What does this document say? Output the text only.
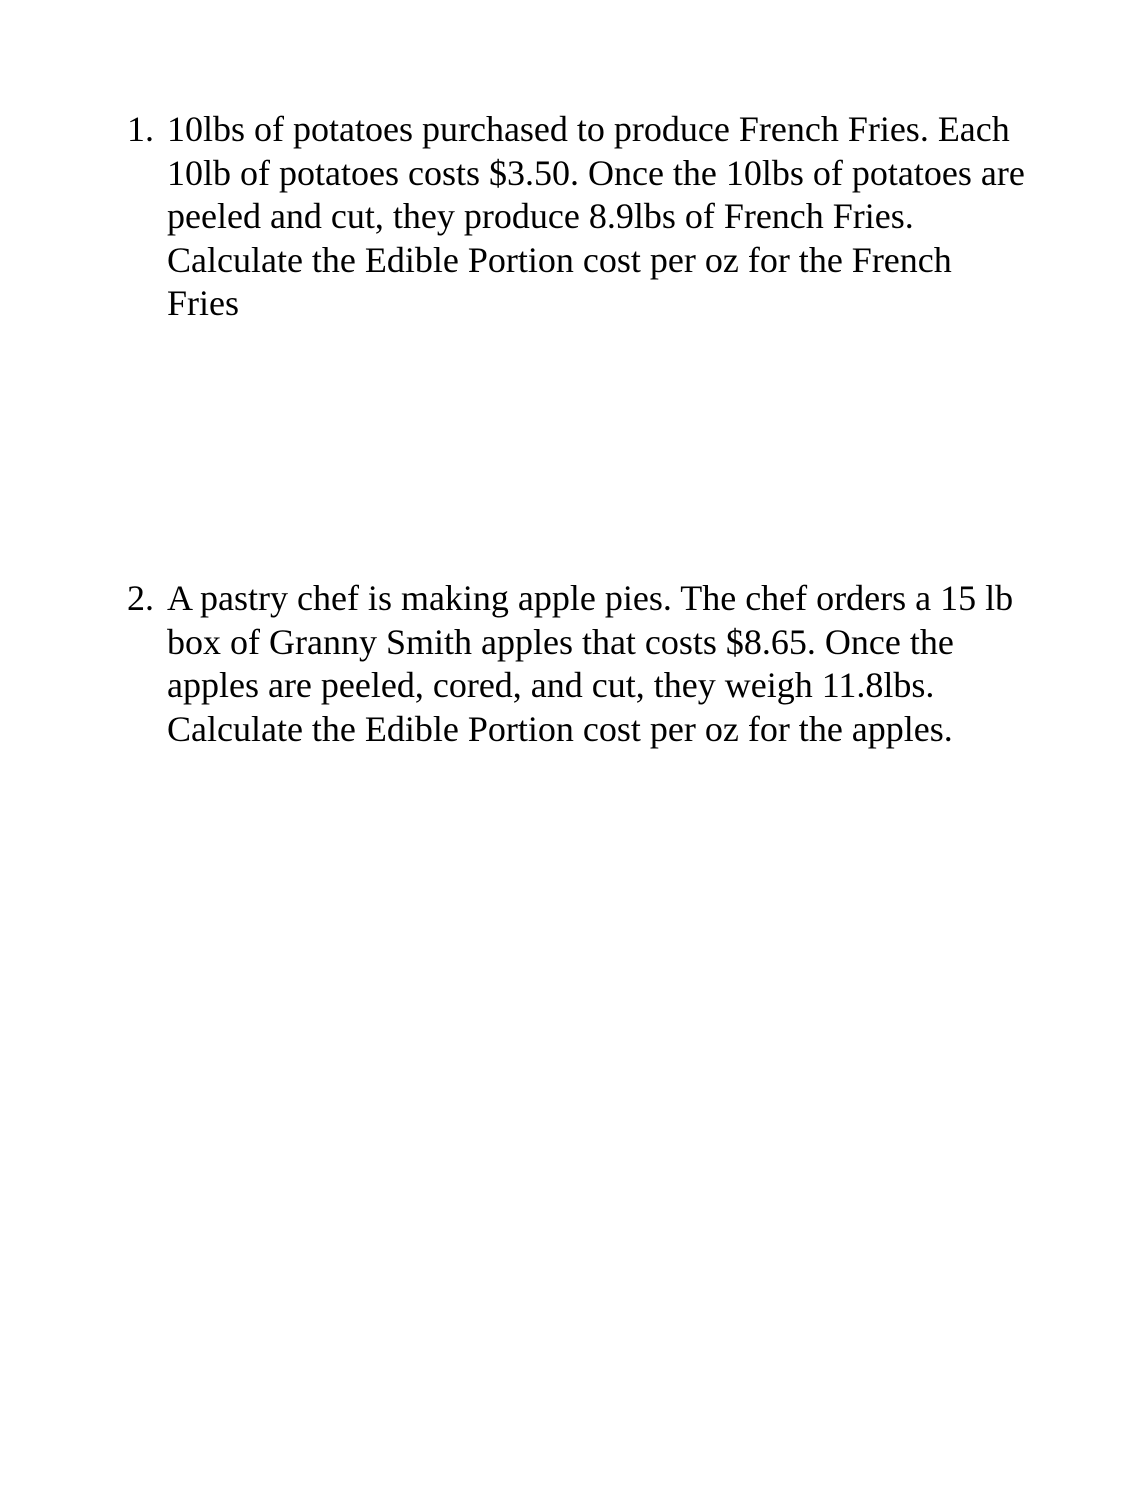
1. 10lbs of potatoes purchased to produce French Fries. Each
10lb of potatoes costs $3.50. Once the 10lbs of potatoes are
peeled and cut, they produce 8.9lbs of French Fries.
Calculate the Edible Portion cost per oz for the French
Fries
2. A pastry chef is making apple pies. The chef orders a 15 lb
box of Granny Smith apples that costs $8.65. Once the
apples are peeled, cored, and cut, they weigh 11.8lbs.
Calculate the Edible Portion cost per oz for the apples.
